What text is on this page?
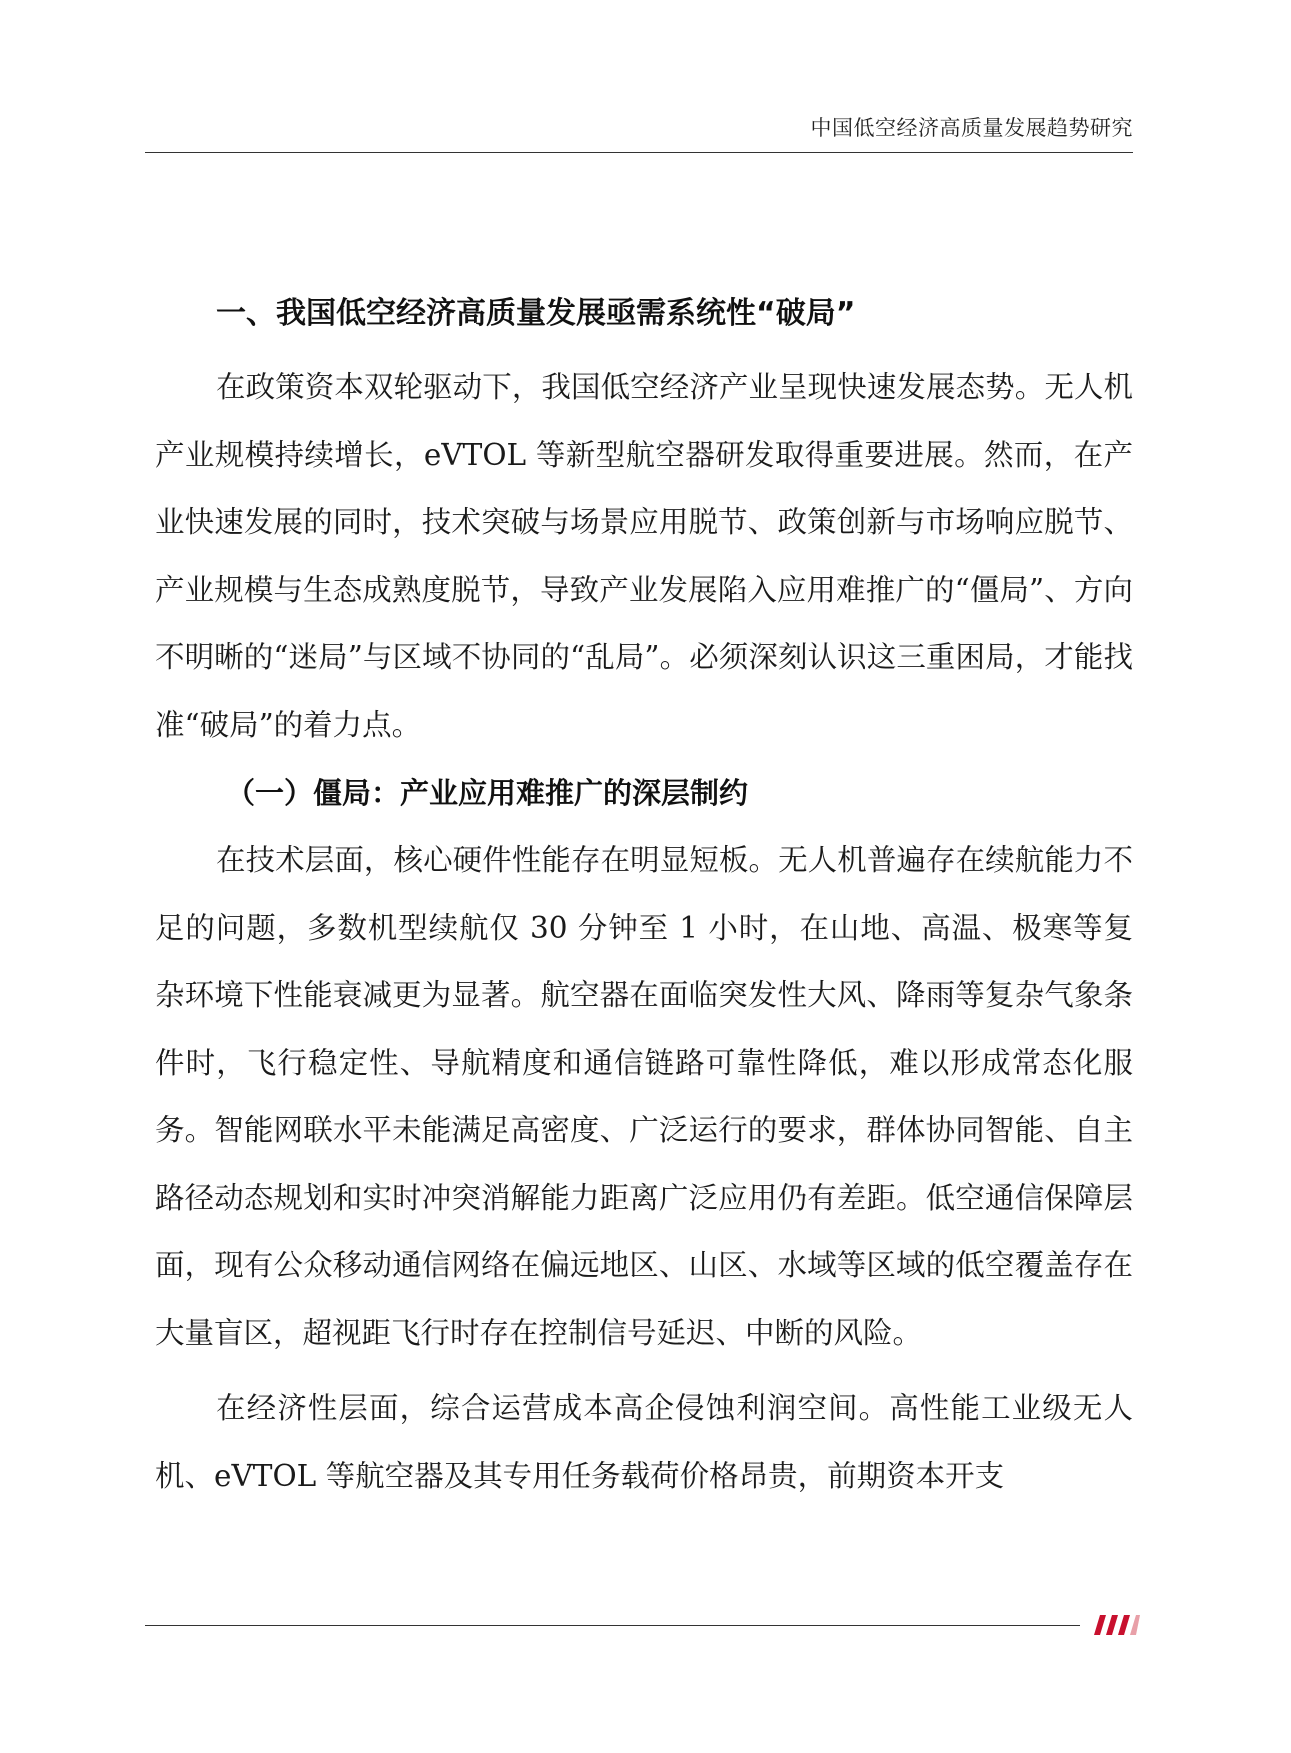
中国低空经济高质量发展趋势研究
一、我国低空经济高质量发展亟需系统性“破局”

在政策资本双轮驱动下，我国低空经济产业呈现快速发展态势。无人机产业规模持续增长，eVTOL 等新型航空器研发取得重要进展。然而，在产业快速发展的同时，技术突破与场景应用脱节、政策创新与市场响应脱节、产业规模与生态成熟度脱节，导致产业发展陷入应用难推广的“僵局”、方向不明晰的“迷局”与区域不协同的“乱局”。必须深刻认识这三重困局，才能找准“破局”的着力点。

（一）僵局：产业应用难推广的深层制约

在技术层面，核心硬件性能存在明显短板。无人机普遍存在续航能力不足的问题，多数机型续航仅 30 分钟至 1 小时，在山地、高温、极寒等复杂环境下性能衰减更为显著。航空器在面临突发性大风、降雨等复杂气象条件时，飞行稳定性、导航精度和通信链路可靠性降低，难以形成常态化服务。智能网联水平未能满足高密度、广泛运行的要求，群体协同智能、自主路径动态规划和实时冲突消解能力距离广泛应用仍有差距。低空通信保障层面，现有公众移动通信网络在偏远地区、山区、水域等区域的低空覆盖存在大量盲区，超视距飞行时存在控制信号延迟、中断的风险。

在经济性层面，综合运营成本高企侵蚀利润空间。高性能工业级无人机、eVTOL 等航空器及其专用任务载荷价格昂贵，前期资本开支
